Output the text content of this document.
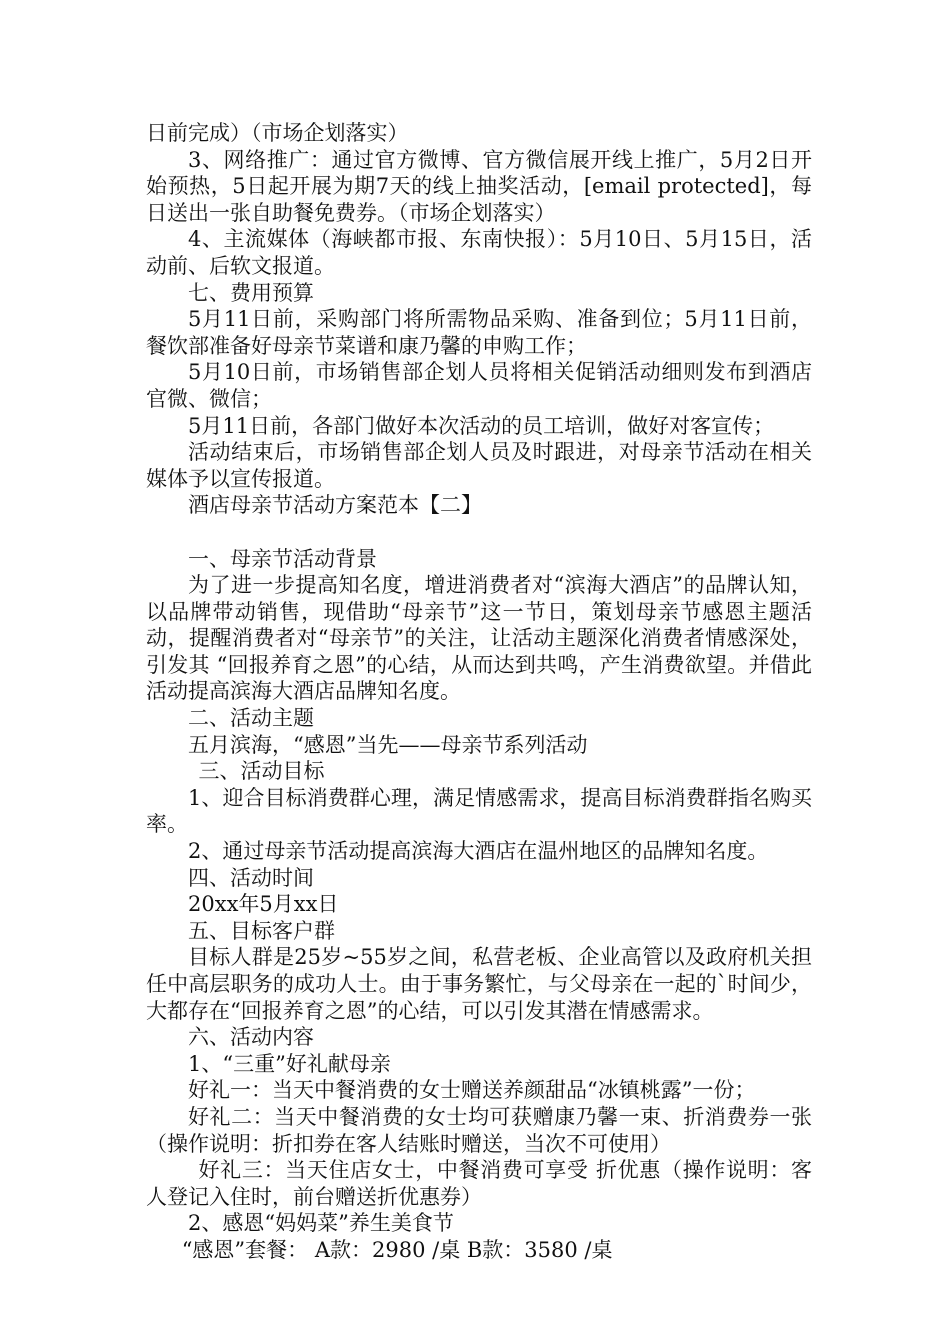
日前完成）（市场企划落实）

3、网络推广：通过官方微博、官方微信展开线上推广，5月2日开始预热，5日起开展为期7天的线上抽奖活动，[email protected]，每日送出一张自助餐免费券。（市场企划落实）

4、主流媒体（海峡都市报、东南快报）：5月10日、5月15日，活动前、后软文报道。

七、费用预算

5月11日前，采购部门将所需物品采购、准备到位；5月11日前，餐饮部准备好母亲节菜谱和康乃馨的申购工作；

5月10日前，市场销售部企划人员将相关促销活动细则发布到酒店官微、微信；

5月11日前，各部门做好本次活动的员工培训，做好对客宣传；

活动结束后，市场销售部企划人员及时跟进，对母亲节活动在相关媒体予以宣传报道。

酒店母亲节活动方案范本【二】

一、母亲节活动背景

为了进一步提高知名度，增进消费者对“滨海大酒店”的品牌认知，以品牌带动销售，现借助“母亲节”这一节日，策划母亲节感恩主题活动，提醒消费者对“母亲节”的关注，让活动主题深化消费者情感深处，引发其 “回报养育之恩”的心结，从而达到共鸣，产生消费欲望。并借此活动提高滨海大酒店品牌知名度。

二、活动主题

五月滨海，“感恩”当先——母亲节系列活动

三、活动目标

1、迎合目标消费群心理，满足情感需求，提高目标消费群指名购买率。

2、通过母亲节活动提高滨海大酒店在温州地区的品牌知名度。

四、活动时间

20xx年5月xx日

五、目标客户群

目标人群是25岁~55岁之间，私营老板、企业高管以及政府机关担任中高层职务的成功人士。由于事务繁忙，与父母亲在一起的`时间少，大都存在“回报养育之恩”的心结，可以引发其潜在情感需求。

六、活动内容

1、“三重”好礼献母亲

好礼一：当天中餐消费的女士赠送养颜甜品“冰镇桃露”一份；

好礼二：当天中餐消费的女士均可获赠康乃馨一束、折消费券一张（操作说明：折扣券在客人结账时赠送，当次不可使用）

好礼三：当天住店女士，中餐消费可享受 折优惠（操作说明：客人登记入住时，前台赠送折优惠券）

2、感恩“妈妈菜”养生美食节

“感恩”套餐： A款：2980 /桌 B款：3580 /桌
